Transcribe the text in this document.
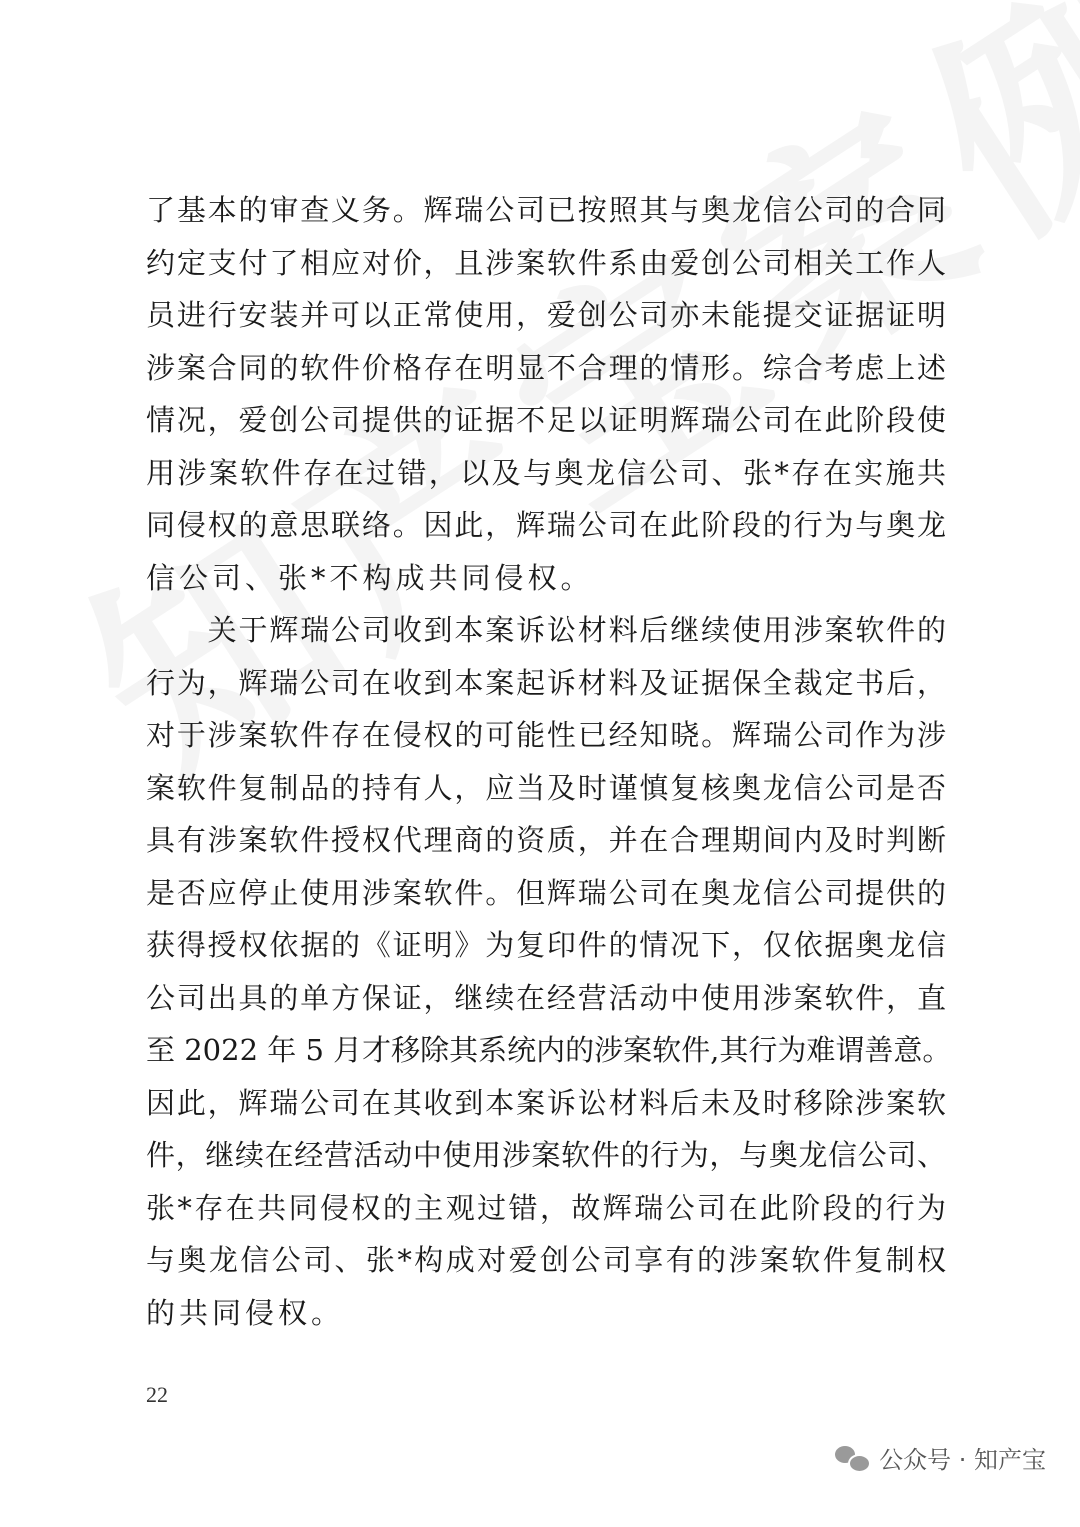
了基本的审查义务。辉瑞公司已按照其与奥龙信公司的合同
约定支付了相应对价，且涉案软件系由爱创公司相关工作人
员进行安装并可以正常使用，爱创公司亦未能提交证据证明
涉案合同的软件价格存在明显不合理的情形。综合考虑上述
情况，爱创公司提供的证据不足以证明辉瑞公司在此阶段使
用涉案软件存在过错，以及与奥龙信公司、张*存在实施共
同侵权的意思联络。因此，辉瑞公司在此阶段的行为与奥龙
信公司、张*不构成共同侵权。
　　关于辉瑞公司收到本案诉讼材料后继续使用涉案软件的
行为，辉瑞公司在收到本案起诉材料及证据保全裁定书后，
对于涉案软件存在侵权的可能性已经知晓。辉瑞公司作为涉
案软件复制品的持有人，应当及时谨慎复核奥龙信公司是否
具有涉案软件授权代理商的资质，并在合理期间内及时判断
是否应停止使用涉案软件。但辉瑞公司在奥龙信公司提供的
获得授权依据的《证明》为复印件的情况下，仅依据奥龙信
公司出具的单方保证，继续在经营活动中使用涉案软件，直
至 2022 年 5 月才移除其系统内的涉案软件,其行为难谓善意。
因此，辉瑞公司在其收到本案诉讼材料后未及时移除涉案软
件，继续在经营活动中使用涉案软件的行为，与奥龙信公司、
张*存在共同侵权的主观过错，故辉瑞公司在此阶段的行为
与奥龙信公司、张*构成对爱创公司享有的涉案软件复制权
的共同侵权。
22
公众号 · 知产宝
